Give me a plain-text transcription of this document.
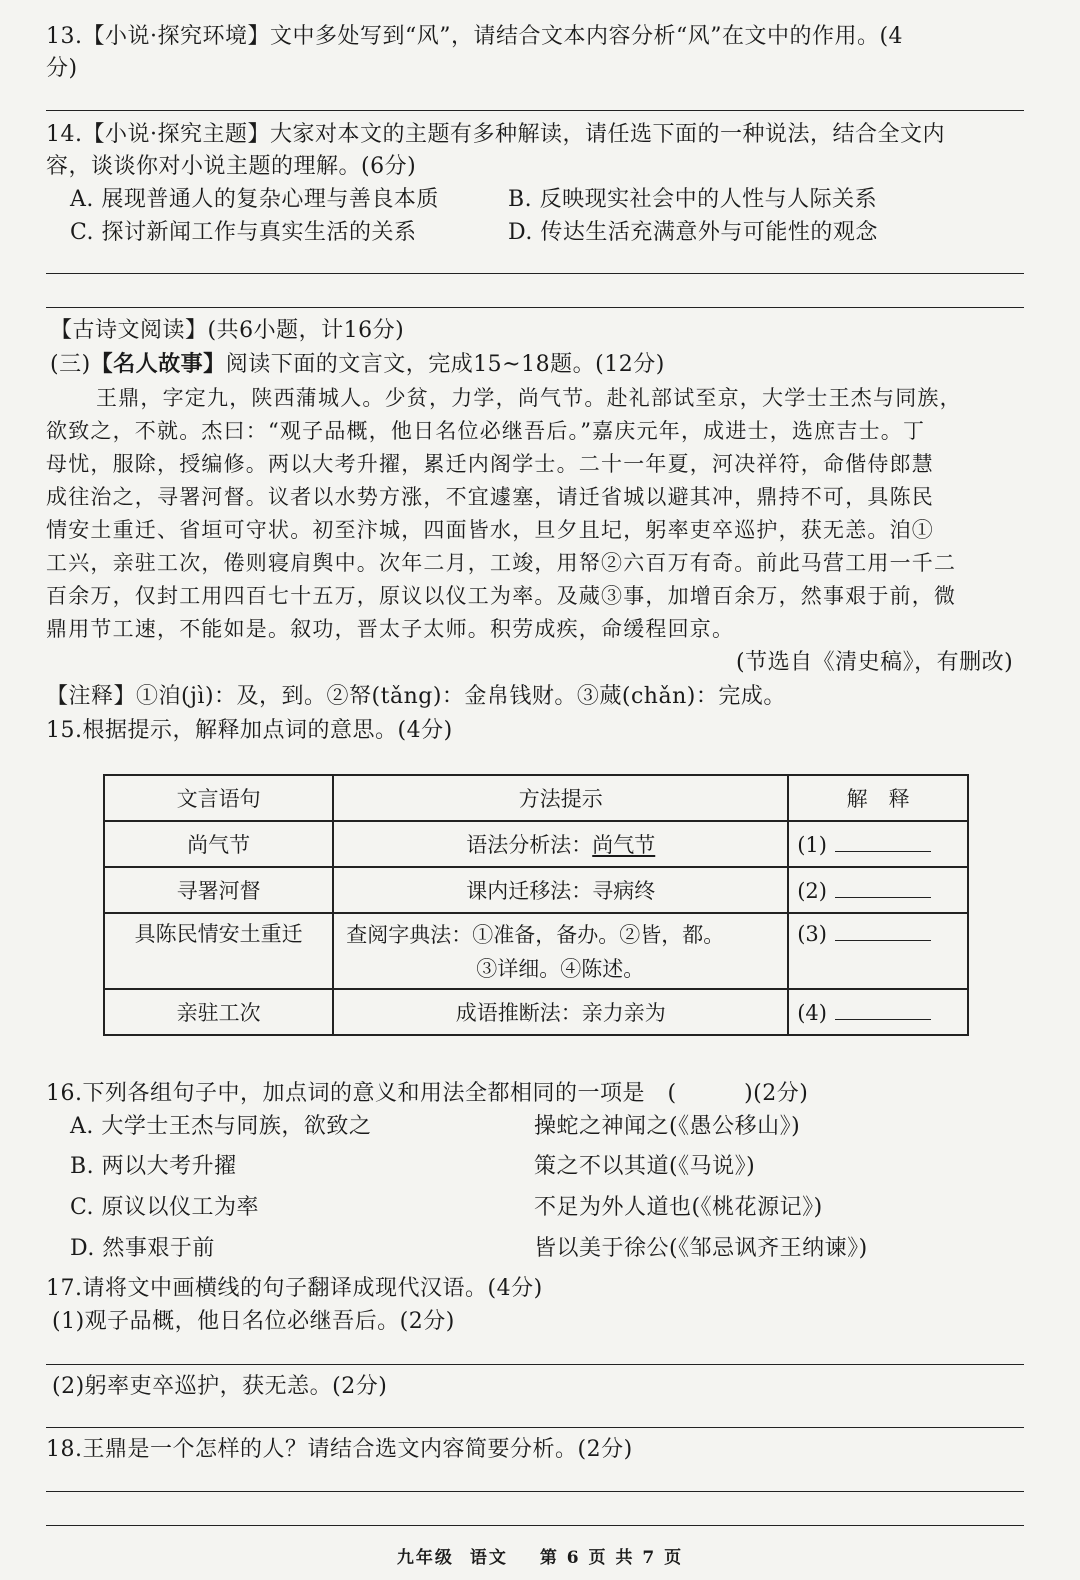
13.【小说·探究环境】文中多处写到“风”，请结合文本内容分析“风”在文中的作用。(4
分)
14.【小说·探究主题】大家对本文的主题有多种解读，请任选下面的一种说法，结合全文内
容，谈谈你对小说主题的理解。(6分)
A. 展现普通人的复杂心理与善良本质	B. 反映现实社会中的人性与人际关系
C. 探讨新闻工作与真实生活的关系	D. 传达生活充满意外与可能性的观念
【古诗文阅读】(共6小题，计16分)
(三)【名人故事】阅读下面的文言文，完成15~18题。(12分)
王鼎，字定九，陕西蒲城人。少贫，力学，尚气节。赴礼部试至京，大学士王杰与同族，
欲致之，不就。杰曰：“观子品概，他日名位必继吾后。”嘉庆元年，成进士，选庶吉士。丁
母忧，服除，授编修。两以大考升擢，累迁内阁学士。二十一年夏，河决祥符，命偕侍郎慧
成往治之，寻署河督。议者以水势方涨，不宜遽塞，请迁省城以避其冲，鼎持不可，具陈民
情安土重迁、省垣可守状。初至汴城，四面皆水，旦夕且圮，躬率吏卒巡护，获无恙。洎①
工兴，亲驻工次，倦则寝肩舆中。次年二月，工竣，用帑②六百万有奇。前此马营工用一千二
百余万，仅封工用四百七十五万，原议以仪工为率。及蒇③事，加增百余万，然事艰于前，微
鼎用节工速，不能如是。叙功，晋太子太师。积劳成疾，命缓程回京。
(节选自《清史稿》，有删改)
【注释】①洎(jì)：及，到。②帑(tǎng)：金帛钱财。③蒇(chǎn)：完成。
15.根据提示，解释加点词的意思。(4分)
文言语句	方法提示	解　释
尚气节	语法分析法：尚气节	(1)
寻署河督	课内迁移法：寻病终	(2)
具陈民情安土重迁	查阅字典法：①准备，备办。②皆，都。
③详细。④陈述。	(3)
亲驻工次	成语推断法：亲力亲为	(4)
16.下列各组句子中，加点词的意义和用法全都相同的一项是　(　　　)(2分)
A. 大学士王杰与同族，欲致之	操蛇之神闻之(《愚公移山》)
B. 两以大考升擢	策之不以其道(《马说》)
C. 原议以仪工为率	不足为外人道也(《桃花源记》)
D. 然事艰于前	皆以美于徐公(《邹忌讽齐王纳谏》)
17.请将文中画横线的句子翻译成现代汉语。(4分)
(1)观子品概，他日名位必继吾后。(2分)
(2)躬率吏卒巡护，获无恙。(2分)
18.王鼎是一个怎样的人？请结合选文内容简要分析。(2分)
九年级 语文 第 6 页 共 7 页
